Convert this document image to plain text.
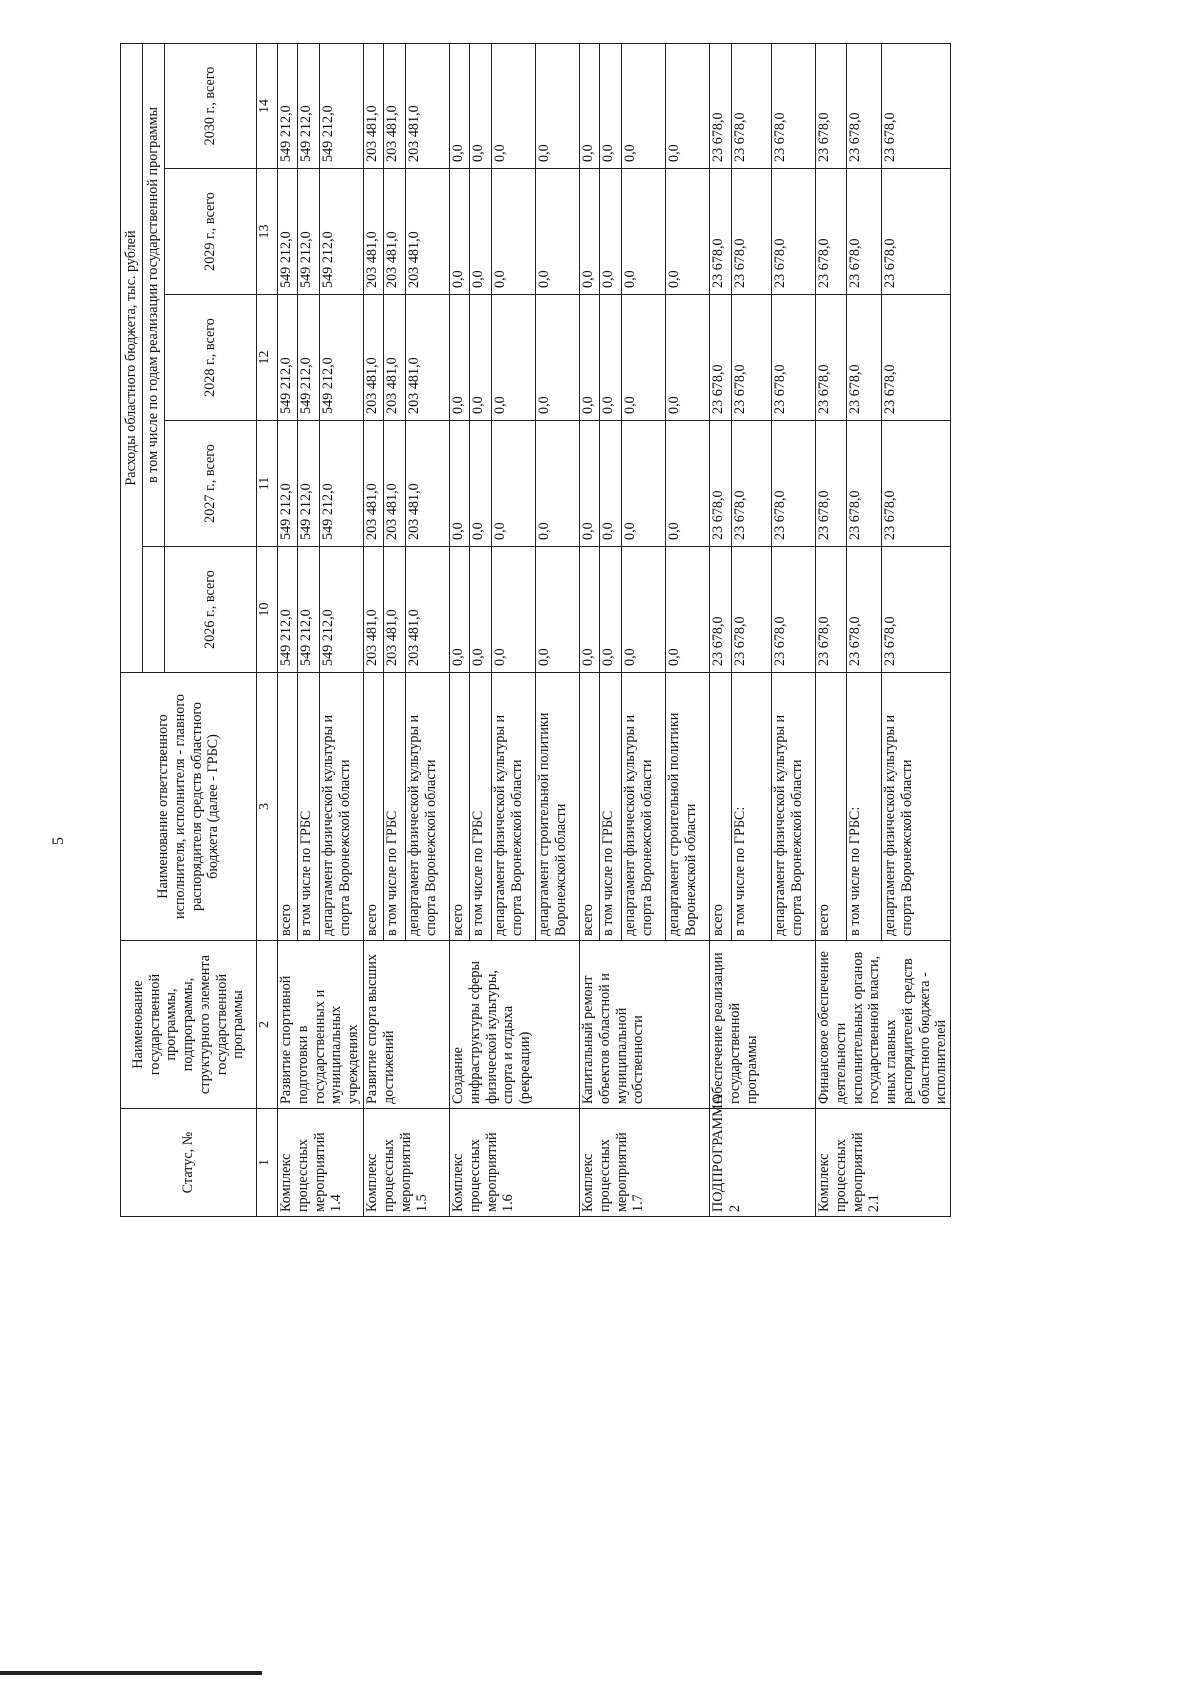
5
Статус, №	Наименование государственной программы, подпрограммы, структурного элемента государственной программы	Наименование ответственного исполнителя, исполнителя - главного распорядителя средств областного бюджета (далее - ГРБС)	Расходы областного бюджета, тыс. рублей				
				в том числе по годам реализации государственной программы			
			2026 г., всего	2027 г., всего	2028 г., всего	2029 г., всего	2030 г., всего
1	2	3	10	11	12	13	14
Комплекс процессных мероприятий 1.4	Развитие спортивной подготовки в государственных и муниципальных учреждениях	всего	549 212,0	549 212,0	549 212,0	549 212,0	549 212,0
		в том числе по ГРБС	549 212,0	549 212,0	549 212,0	549 212,0	549 212,0
		департамент физической культуры и спорта Воронежской области	549 212,0	549 212,0	549 212,0	549 212,0	549 212,0
Комплекс процессных мероприятий 1.5	Развитие спорта высших достижений	всего	203 481,0	203 481,0	203 481,0	203 481,0	203 481,0
		в том числе по ГРБС	203 481,0	203 481,0	203 481,0	203 481,0	203 481,0
		департамент физической культуры и спорта Воронежской области	203 481,0	203 481,0	203 481,0	203 481,0	203 481,0
Комплекс процессных мероприятий 1.6	Создание инфраструктуры сферы физической культуры, спорта и отдыха (рекреации)	всего	0,0	0,0	0,0	0,0	0,0
		в том числе по ГРБС	0,0	0,0	0,0	0,0	0,0
		департамент физической культуры и спорта Воронежской области	0,0	0,0	0,0	0,0	0,0
		департамент строительной политики Воронежской области	0,0	0,0	0,0	0,0	0,0
Комплекс процессных мероприятий 1.7	Капитальный ремонт объектов областной и муниципальной собственности	всего	0,0	0,0	0,0	0,0	0,0
		в том числе по ГРБС	0,0	0,0	0,0	0,0	0,0
		департамент физической культуры и спорта Воронежской области	0,0	0,0	0,0	0,0	0,0
		департамент строительной политики Воронежской области	0,0	0,0	0,0	0,0	0,0
ПОДПРОГРАММА 2	Обеспечение реализации государственной программы	всего	23 678,0	23 678,0	23 678,0	23 678,0	23 678,0
		в том числе по ГРБС:	23 678,0	23 678,0	23 678,0	23 678,0	23 678,0
		департамент физической культуры и спорта Воронежской области	23 678,0	23 678,0	23 678,0	23 678,0	23 678,0
Комплекс процессных мероприятий 2.1	Финансовое обеспечение деятельности исполнительных органов государственной власти, иных главных распорядителей средств областного бюджета - исполнителей	всего	23 678,0	23 678,0	23 678,0	23 678,0	23 678,0
		в том числе по ГРБС:	23 678,0	23 678,0	23 678,0	23 678,0	23 678,0
		департамент физической культуры и спорта Воронежской области	23 678,0	23 678,0	23 678,0	23 678,0	23 678,0
